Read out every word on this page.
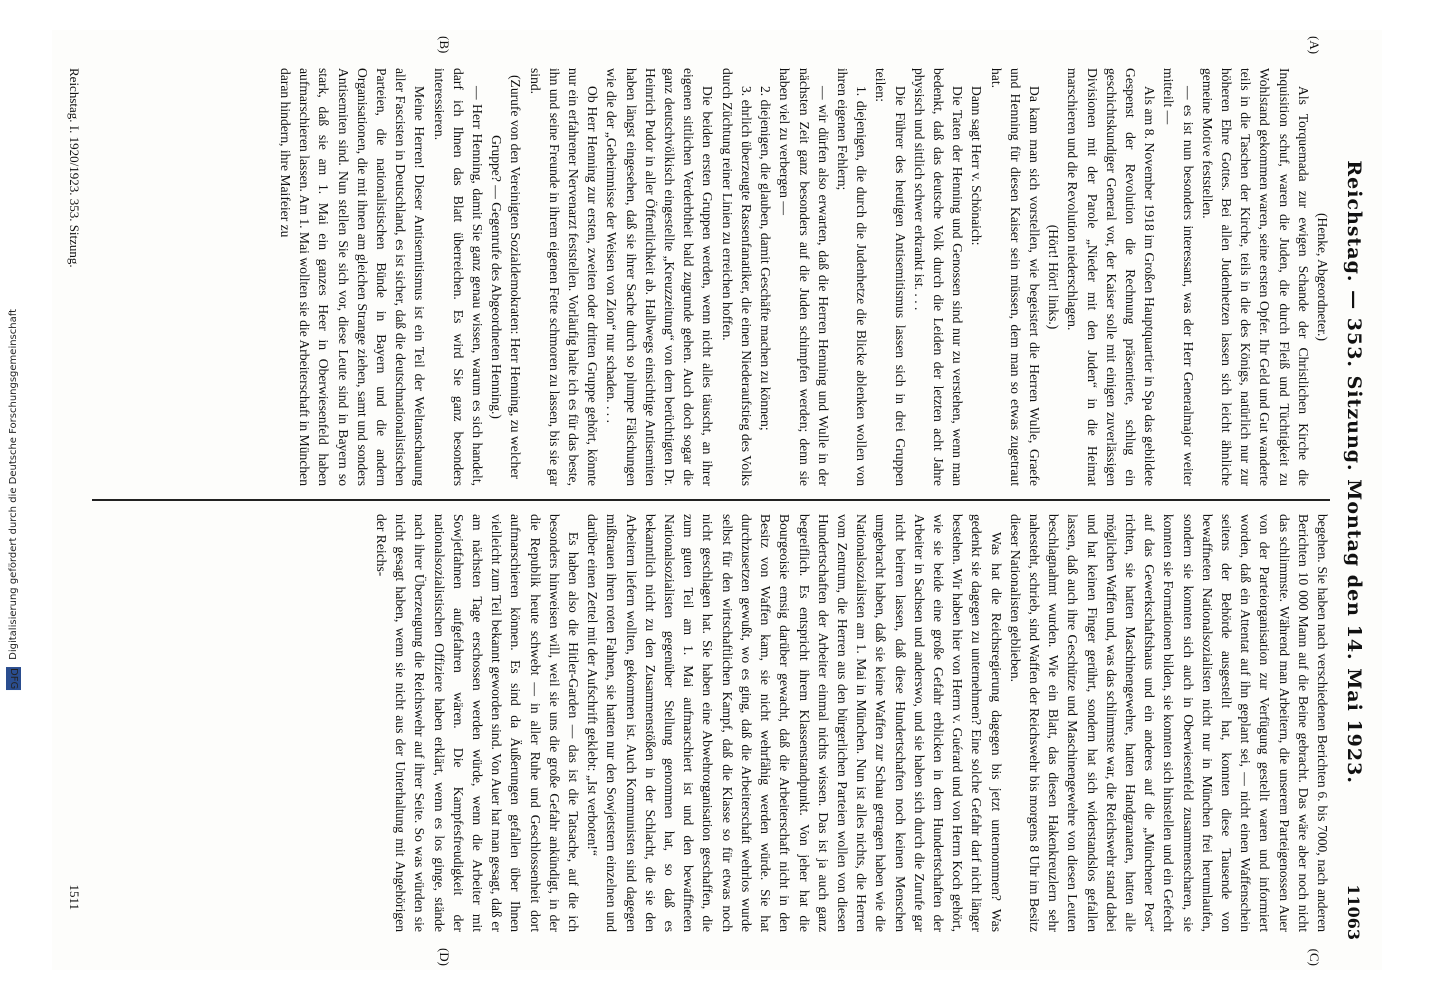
DFG Digitalisierung gefördert durch die Deutsche Forschungsgemeinschaft	Reichstag. — 353. Sitzung. Montag den 14. Mai 1923.
11063
(A)
(B)
(C)
(D)

(Henke, Abgeordneter.)

Als Torquemada zur ewigen Schande der Christlichen Kirche die Inquisition schuf, waren die Juden, die durch Fleiß und Tüchtigkeit zu Wohlstand gekommen waren, seine ersten Opfer. Ihr Geld und Gut wanderte teils in die Taschen der Kirche, teils in die des Königs, natürlich nur zur höheren Ehre Gottes. Bei allen Judenhetzen lassen sich leicht ähnliche gemeine Motive feststellen.

— es ist nun besonders interessant, was der Herr Generalmajor weiter mitteilt —

Als am 8. November 1918 im Großen Hauptquartier in Spa das gebildete Gespenst der Revolution die Rechnung präsentierte, schlug ein geschichtskundiger General vor, der Kaiser solle mit einigen zuverlässigen Divisionen mit der Parole „Nieder mit den Juden“ in die Heimat marschieren und die Revolution niederschlagen.

(Hört! Hört! links.)

Da kann man sich vorstellen, wie begeistert die Herren Wulle, Graefe und Henning für diesen Kaiser sein müssen, dem man so etwas zugetraut hat.

Dann sagt Herr v. Schönaich:

Die Taten der Henning und Genossen sind nur zu verstehen, wenn man bedenkt, daß das deutsche Volk durch die Leiden der letzten acht Jahre physisch und sittlich schwer erkrankt ist. . . .

Die Führer des heutigen Antisemitismus lassen sich in drei Gruppen teilen:

1. diejenigen, die durch die Judenhetze die Blicke ablenken wollen von ihren eigenen Fehlern;

— wir dürfen also erwarten, daß die Herren Henning und Wulle in der nächsten Zeit ganz besonders auf die Juden schimpfen werden; denn sie haben viel zu verbergen —

2. diejenigen, die glauben, damit Geschäfte machen zu können;

3. ehrlich überzeugte Rassenfanatiker, die einen Niederaufstieg des Volks durch Züchtung reiner Linien zu erreichen hoffen.

Die beiden ersten Gruppen werden, wenn nicht alles täuscht, an ihrer eigenen sittlichen Verderbtheit bald zugrunde gehen. Auch doch sogar die ganz deutschvölkisch eingestellte „Kreuzzeitung“ von dem berüchtigten Dr. Heinrich Pudor in aller Öffentlichkeit ab. Halbwegs einsichtige Antisemiten haben längst eingesehen, daß sie ihrer Sache durch so plumpe Fälschungen wie die der „Geheimnisse der Weisen von Zion“ nur schaden. . . .

Ob Herr Henning zur ersten, zweiten oder dritten Gruppe gehört, könnte nur ein erfahrener Nervenarzt feststellen. Vorläufig halte ich es für das beste, ihn und seine Freunde in ihrem eigenen Fette schmoren zu lassen, bis sie gar sind.

(Zurufe von den Vereinigten Sozialdemokraten: Herr Henning, zu welcher Gruppe? — Gegenrufe des Abgeordneten Henning.)

— Herr Henning, damit Sie ganz genau wissen, warum es sich handelt, darf ich Ihnen das Blatt überreichen. Es wird Sie ganz besonders interessieren.

Meine Herren! Dieser Antisemitismus ist ein Teil der Weltanschauung aller Fascisten in Deutschland, es ist sicher, daß die deutschnationalistischen Parteien, die nationalistischen Bünde in Bayern und die andern Organisationen, die mit ihnen am gleichen Strange ziehen, samt und sonders Antisemiten sind. Nun stellen Sie sich vor, diese Leute sind in Bayern so stark, daß sie am 1. Mai ein ganzes Heer in Oberwiesenfeld haben aufmarschieren lassen. Am 1. Mai wollten sie die Arbeiterschaft in München daran hindern, ihre Maifeier zu

begehen. Sie haben nach verschiedenen Berichten 6. bis 7000, nach anderen Berichten 10 000 Mann auf die Beine gebracht. Das wäre aber noch nicht das schlimmste. Während man Arbeitern, die unserem Parteigenossen Auer von der Parteiorganisation zur Verfügung gestellt waren und informiert worden, daß ein Attentat auf ihn geplant sei, — nicht einen Waffenschein seitens der Behörde ausgestellt hat, konnten diese Tausende von bewaffneten Nationalsozialisten nicht nur in München frei herumlaufen, sondern sie konnten sich auch in Oberwiesenfeld zusammenscharen, sie konnten sie Formationen bilden, sie konnten sich hinstellen und ein Gefecht auf das Gewerkschaftshaus und ein anderes auf die „Münchener Post“ richten, sie hatten Maschinengewehre, hatten Handgranaten, hatten alle möglichen Waffen und, was das schlimmste war, die Reichswehr stand dabei und hat keinen Finger gerührt, sondern hat sich widerstandslos gefallen lassen, daß auch ihre Geschütze und Maschinengewehre von diesen Leuten beschlagnahmt wurden. Wie ein Blatt, das diesen Hakenkreuzlern sehr nahesteht, schrieb, sind Waffen der Reichswehr bis morgens 8 Uhr im Besitz dieser Nationalisten geblieben.

Was hat die Reichsregierung dagegen bis jetzt unternommen? Was gedenkt sie dagegen zu unternehmen? Eine solche Gefahr darf nicht länger bestehen. Wir haben hier von Herrn v. Guérard und von Herrn Koch gehört, wie sie beide eine große Gefahr erblicken in dem Hundertschaften der Arbeiter in Sachsen und anderswo, und sie haben sich durch die Zurufe gar nicht beirren lassen, daß diese Hundertschaften noch keinen Menschen umgebracht haben, daß sie keine Waffen zur Schau getragen haben wie die Nationalsozialisten am 1. Mai in München. Nun ist alles nichts, die Herren vom Zentrum, die Herren aus den bürgerlichen Parteien wollen von diesen Hundertschaften der Arbeiter einmal nichts wissen. Das ist ja auch ganz begreiflich. Es entspricht ihrem Klassenstandpunkt. Von jeher hat die Bourgeoisie emsig darüber gewacht, daß die Arbeiterschaft nicht in den Besitz von Waffen kam, sie nicht wehrfähig werden würde. Sie hat durchzusetzen gewußt, wo es ging, daß die Arbeiterschaft wehrlos wurde selbst für den wirtschaftlichen Kampf, daß die Klasse so für etwas noch nicht geschlagen hat. Sie haben eine Abwehrorganisation geschaffen, die zum guten Teil am 1. Mai aufmarschiert ist und den bewaffneten Nationalsozialisten gegenüber Stellung genommen hat, so daß es bekanntlich nicht zu den Zusammenstößen in der Schlacht, die sie den Arbeitern liefern wollten, gekommen ist. Auch Kommunisten sind dagegen mißtrauen ihren roten Fahnen, sie hatten nur den Sowjetstern einzelnen und darüber einen Zettel mit der Aufschrift geklebt: „Ist verboten!“

Es haben also die Hitler-Garden — das ist die Tatsache, auf die ich besonders hinweisen will, weil sie uns die große Gefahr ankündigt, in der die Republik heute schwebt — in aller Ruhe und Geschlossenheit dort aufmarschieren können. Es sind da Äußerungen gefallen über Ihnen vielleicht zum Teil bekannt geworden sind. Von Auer hat man gesagt, daß er am nächsten Tage erschossen werden würde, wenn die Arbeiter mit Sowjetfahnen aufgefahren wären. Die Kampfesfreudigkeit der nationalsozialistischen Offiziere haben erklärt, wenn es los ginge, stände nach ihrer Überzeugung die Reichswehr auf ihrer Seite. So was würden sie nicht gesagt haben, wenn sie nicht aus der Unterhaltung mit Angehörigen der Reichs-

Reichstag. I. 1920/1923. 353. Sitzung.
1511
